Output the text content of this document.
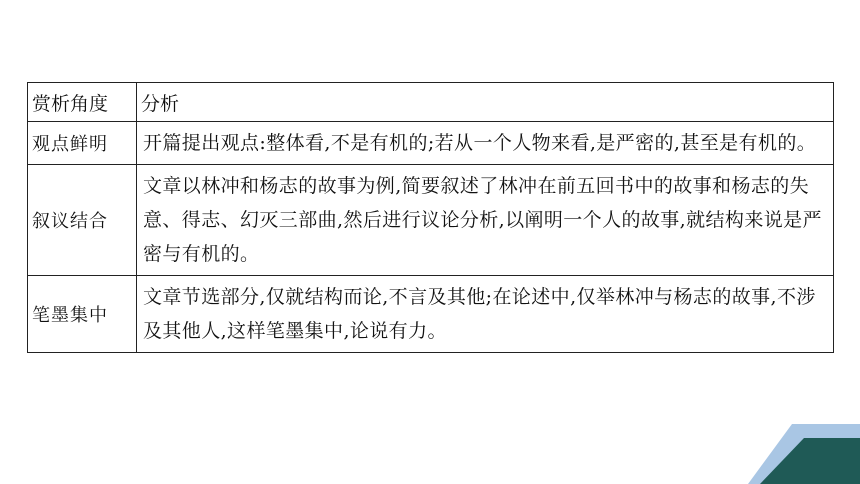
赏析角度	分析
观点鲜明	开篇提出观点:整体看,不是有机的;若从一个人物来看,是严密的,甚至是有机的。
叙议结合	文章以林冲和杨志的故事为例,简要叙述了林冲在前五回书中的故事和杨志的失意、得志、幻灭三部曲,然后进行议论分析,以阐明一个人的故事,就结构来说是严密与有机的。
笔墨集中	文章节选部分,仅就结构而论,不言及其他;在论述中,仅举林冲与杨志的故事,不涉及其他人,这样笔墨集中,论说有力。
